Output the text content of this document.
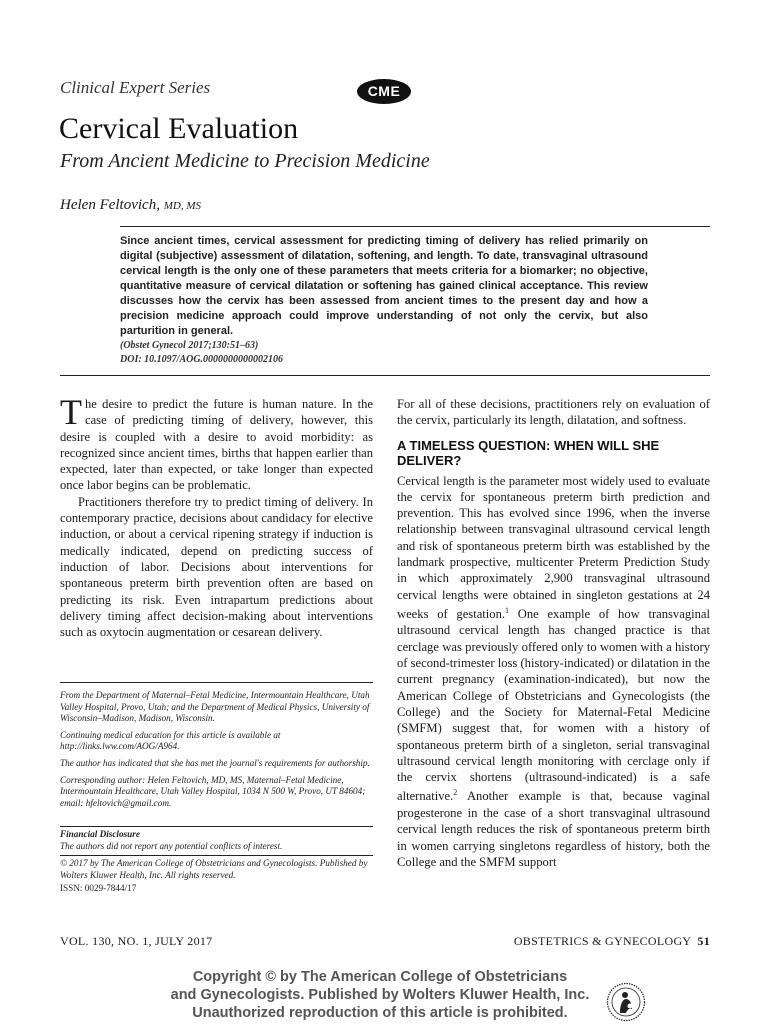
Clinical Expert Series	CME
Cervical Evaluation
From Ancient Medicine to Precision Medicine
Helen Feltovich, MD, MS
Since ancient times, cervical assessment for predicting timing of delivery has relied primarily on digital (subjective) assessment of dilatation, softening, and length. To date, transvaginal ultrasound cervical length is the only one of these parameters that meets criteria for a biomarker; no objective, quantitative measure of cervical dilatation or softening has gained clinical acceptance. This review discusses how the cervix has been assessed from ancient times to the present day and how a precision medicine approach could improve understanding of not only the cervix, but also parturition in general.
(Obstet Gynecol 2017;130:51–63)
DOI: 10.1097/AOG.0000000000002106

The desire to predict the future is human nature. In the case of predicting timing of delivery, however, this desire is coupled with a desire to avoid morbidity: as recognized since ancient times, births that happen earlier than expected, later than expected, or take longer than expected once labor begins can be problematic.

Practitioners therefore try to predict timing of delivery. In contemporary practice, decisions about candidacy for elective induction, or about a cervical ripening strategy if induction is medically indicated, depend on predicting success of induction of labor. Decisions about interventions for spontaneous preterm birth prevention often are based on predicting its risk. Even intrapartum predictions about delivery timing affect decision-making about interventions such as oxytocin augmentation or cesarean delivery.

From the Department of Maternal–Fetal Medicine, Intermountain Healthcare, Utah Valley Hospital, Provo, Utah; and the Department of Medical Physics, University of Wisconsin–Madison, Madison, Wisconsin.

Continuing medical education for this article is available at http://links.lww.com/AOG/A964.

The author has indicated that she has met the journal's requirements for authorship.

Corresponding author: Helen Feltovich, MD, MS, Maternal–Fetal Medicine, Intermountain Healthcare, Utah Valley Hospital, 1034 N 500 W, Provo, UT 84604; email: hfeltovich@gmail.com.

Financial Disclosure

The authors did not report any potential conflicts of interest.

© 2017 by The American College of Obstetricians and Gynecologists. Published by Wolters Kluwer Health, Inc. All rights reserved.

ISSN: 0029-7844/17

For all of these decisions, practitioners rely on evaluation of the cervix, particularly its length, dilatation, and softness.

A TIMELESS QUESTION: WHEN WILL SHE DELIVER?

Cervical length is the parameter most widely used to evaluate the cervix for spontaneous preterm birth prediction and prevention. This has evolved since 1996, when the inverse relationship between transvaginal ultrasound cervical length and risk of spontaneous preterm birth was established by the landmark prospective, multicenter Preterm Prediction Study in which approximately 2,900 transvaginal ultrasound cervical lengths were obtained in singleton gestations at 24 weeks of gestation.$^1$ One example of how transvaginal ultrasound cervical length has changed practice is that cerclage was previously offered only to women with a history of second-trimester loss (history-indicated) or dilatation in the current pregnancy (examination-indicated), but now the American College of Obstetricians and Gynecologists (the College) and the Society for Maternal-Fetal Medicine (SMFM) suggest that, for women with a history of spontaneous preterm birth of a singleton, serial transvaginal ultrasound cervical length monitoring with cerclage only if the cervix shortens (ultrasound-indicated) is a safe alternative.$^2$ Another example is that, because vaginal progesterone in the case of a short transvaginal ultrasound cervical length reduces the risk of spontaneous preterm birth in women carrying singletons regardless of history, both the College and the SMFM support

VOL. 130, NO. 1, JULY 2017	OBSTETRICS & GYNECOLOGY 51
Copyright © by The American College of Obstetricians
and Gynecologists. Published by Wolters Kluwer Health, Inc.
Unauthorized reproduction of this article is prohibited.
